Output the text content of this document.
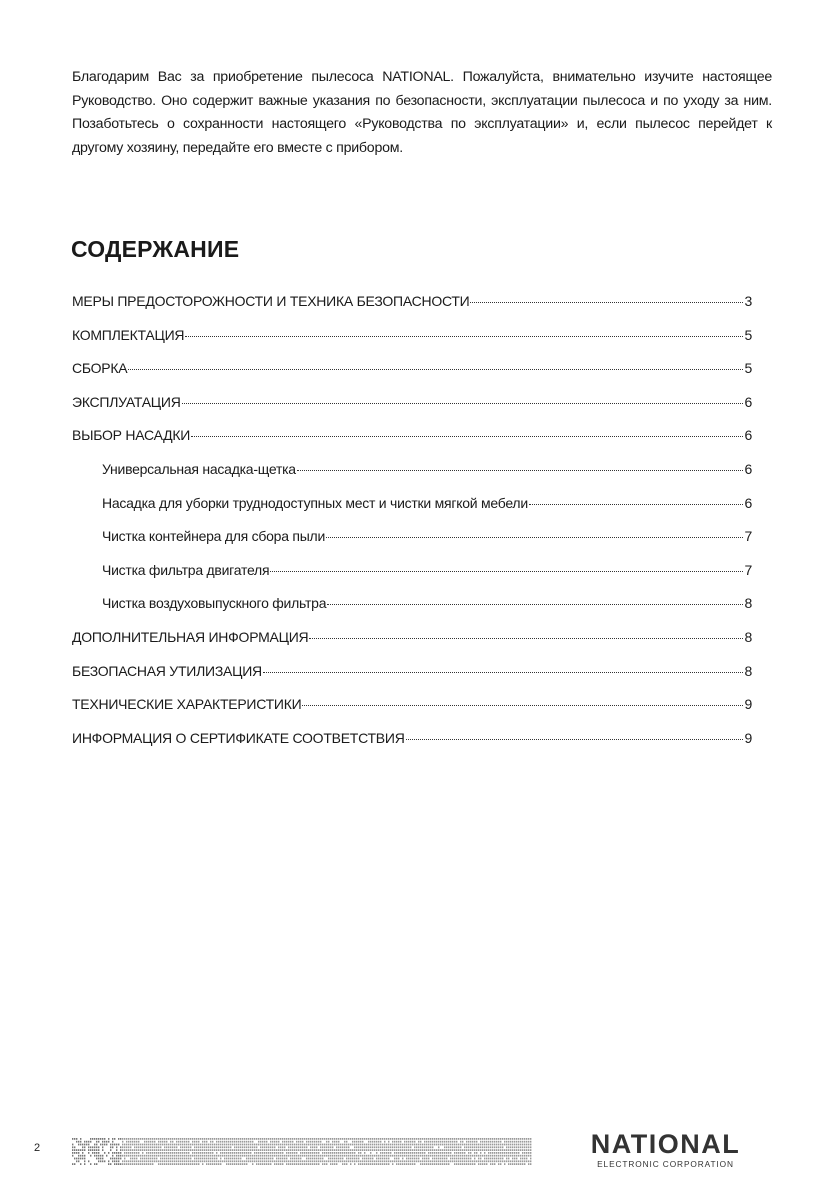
Благодарим Вас за приобретение пылесоса NATIONAL. Пожалуйста, внимательно изучите настоящее Руководство. Оно содержит важные указания по безопасности, эксплуатации пылесоса и по уходу за ним. Позаботьтесь о сохранности настоящего «Руководства по эксплуатации» и, если пылесос перейдет к другому хозяину, передайте его вместе с прибором.

СОДЕРЖАНИЕ
МЕРЫ ПРЕДОСТОРОЖНОСТИ И ТЕХНИКА БЕЗОПАСНОСТИ	3
КОМПЛЕКТАЦИЯ	5
СБОРКА	5
ЭКСПЛУАТАЦИЯ	6
ВЫБОР НАСАДКИ	6
Универсальная насадка-щетка	6
Насадка для уборки труднодоступных мест и чистки мягкой мебели	6
Чистка контейнера для сбора пыли	7
Чистка фильтра двигателя	7
Чистка воздуховыпускного фильтра	8
ДОПОЛНИТЕЛЬНАЯ ИНФОРМАЦИЯ	8
БЕЗОПАСНАЯ УТИЛИЗАЦИЯ	8
ТЕХНИЧЕСКИЕ ХАРАКТЕРИСТИКИ	9
ИНФОРМАЦИЯ О СЕРТИФИКАТЕ СООТВЕТСТВИЯ	9
2	NATIONAL
ELECTRONIC CORPORATION
